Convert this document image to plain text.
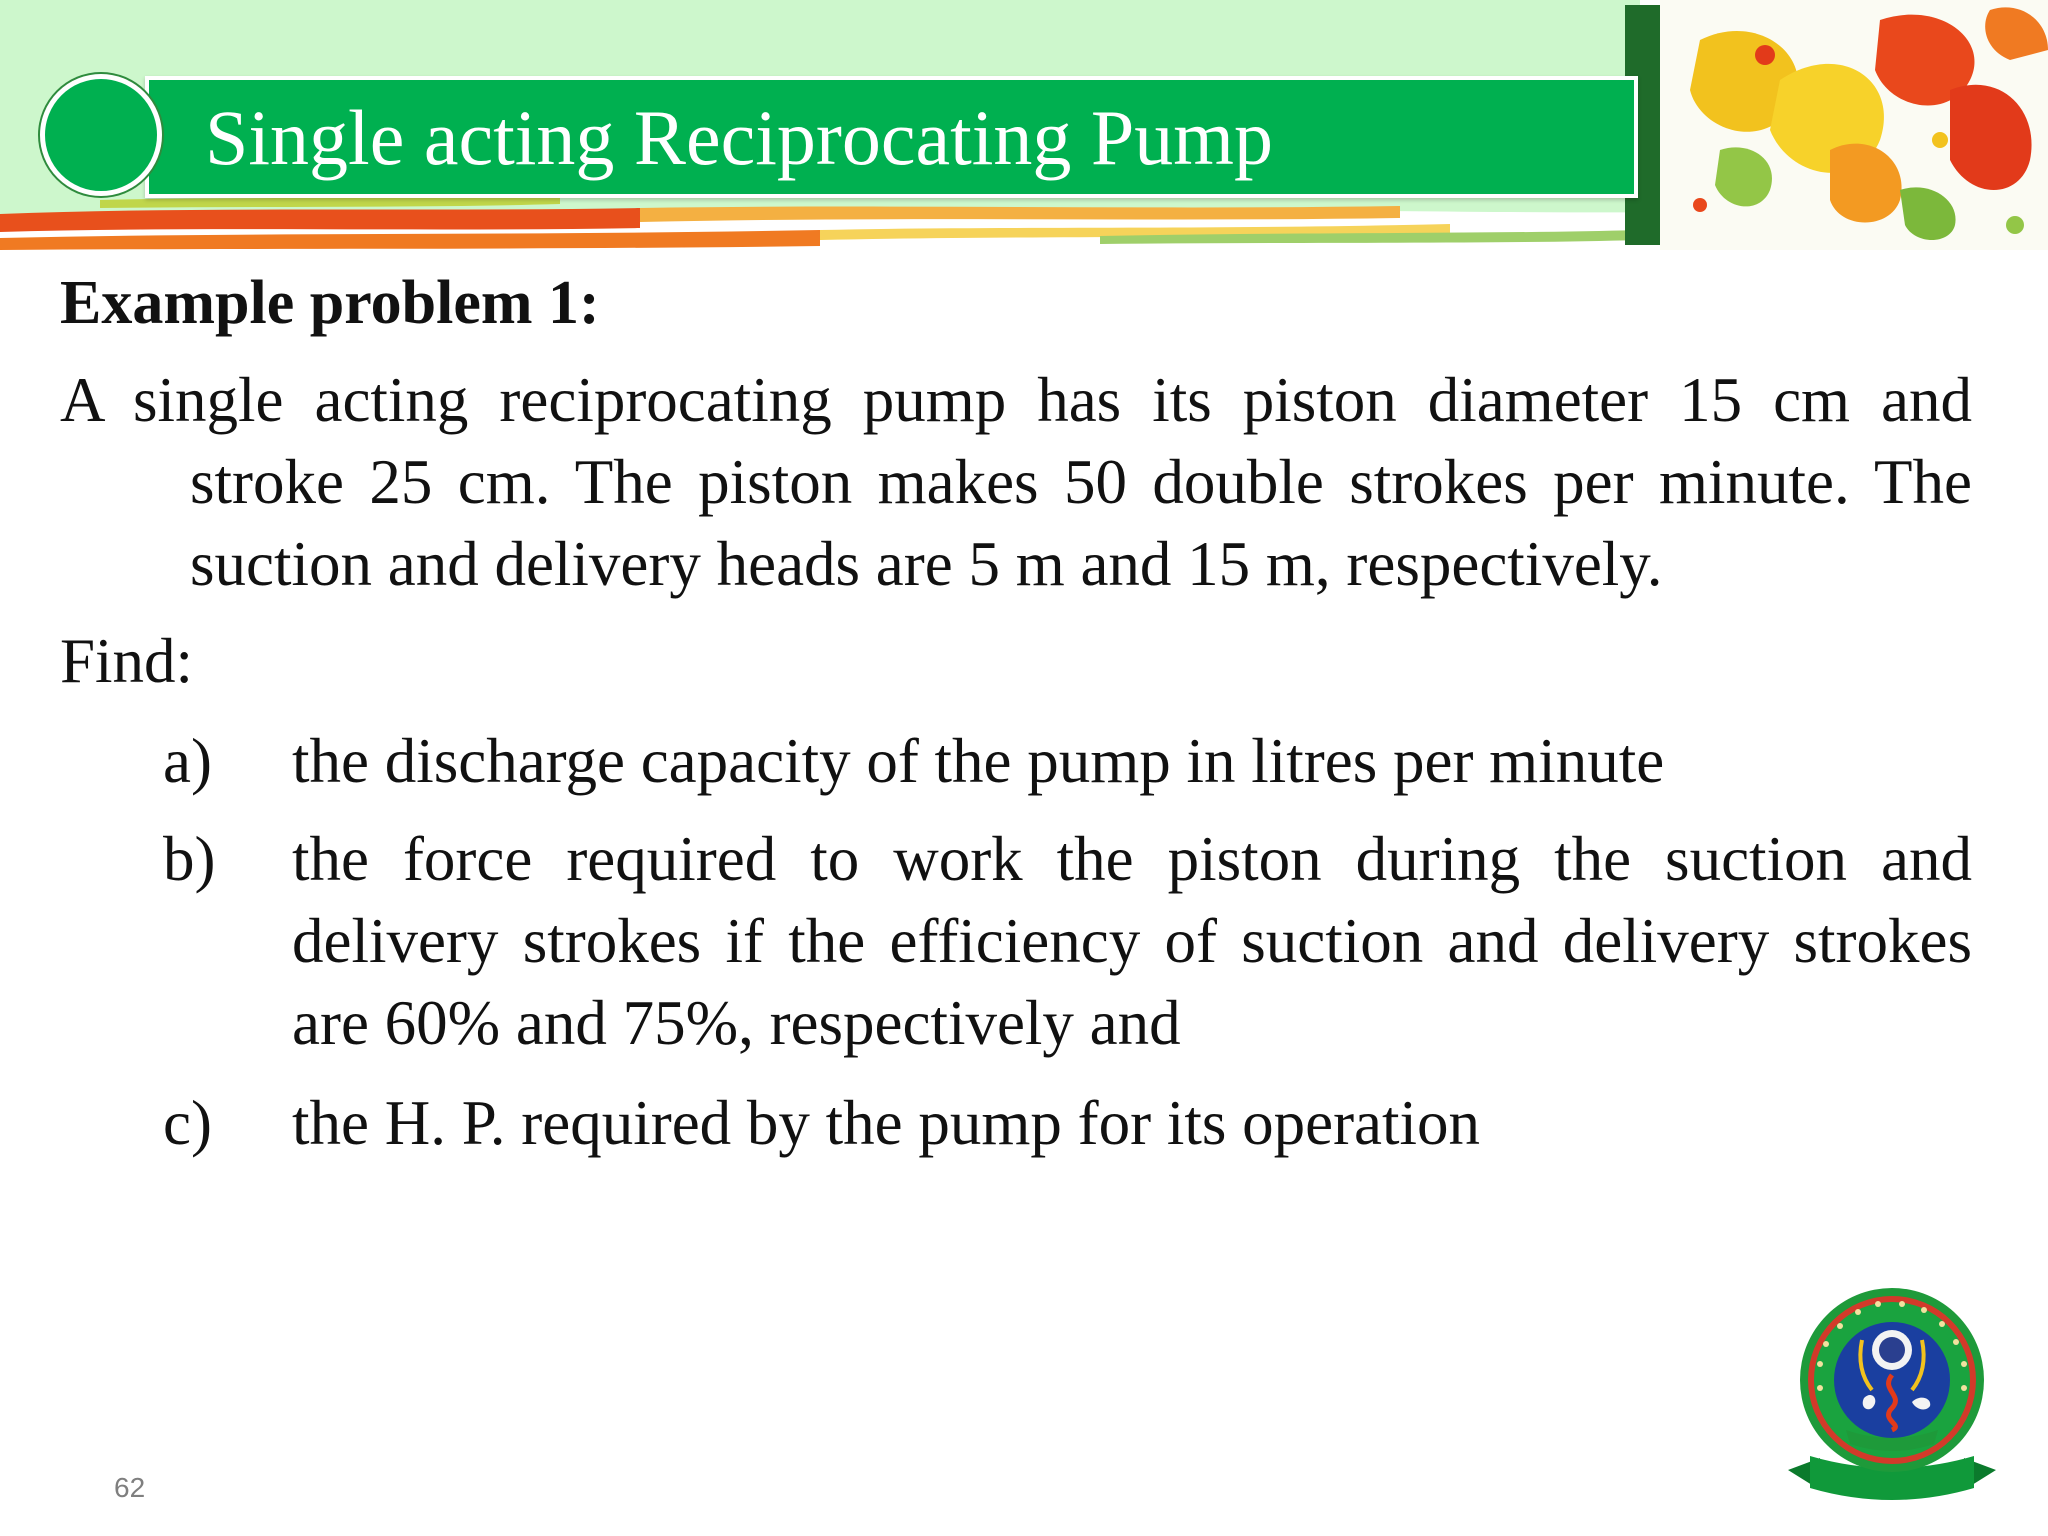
Single acting Reciprocating Pump
Example problem 1:
A single acting reciprocating pump has its piston diameter 15 cm and stroke 25 cm. The piston makes 50 double strokes per minute. The suction and delivery heads are 5 m and 15 m, respectively.
Find:
a) the discharge capacity of the pump in litres per minute
b) the force required to work the piston during the suction and delivery strokes if the efficiency of suction and delivery strokes are 60% and 75%, respectively and
c) the H. P. required by the pump for its operation
62
